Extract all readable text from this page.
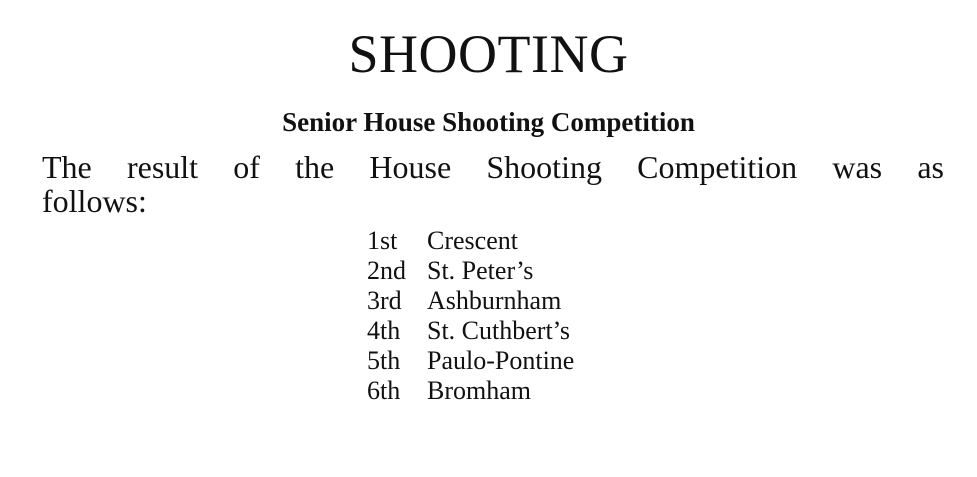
SHOOTING
Senior House Shooting Competition
The result of the House Shooting Competition was as
follows:
1st	Crescent
2nd St. Peter’s
3rd Ashburnham
4th	St. Cuthbert’s
5th	Paulo-Pontine
6th	Bromham
